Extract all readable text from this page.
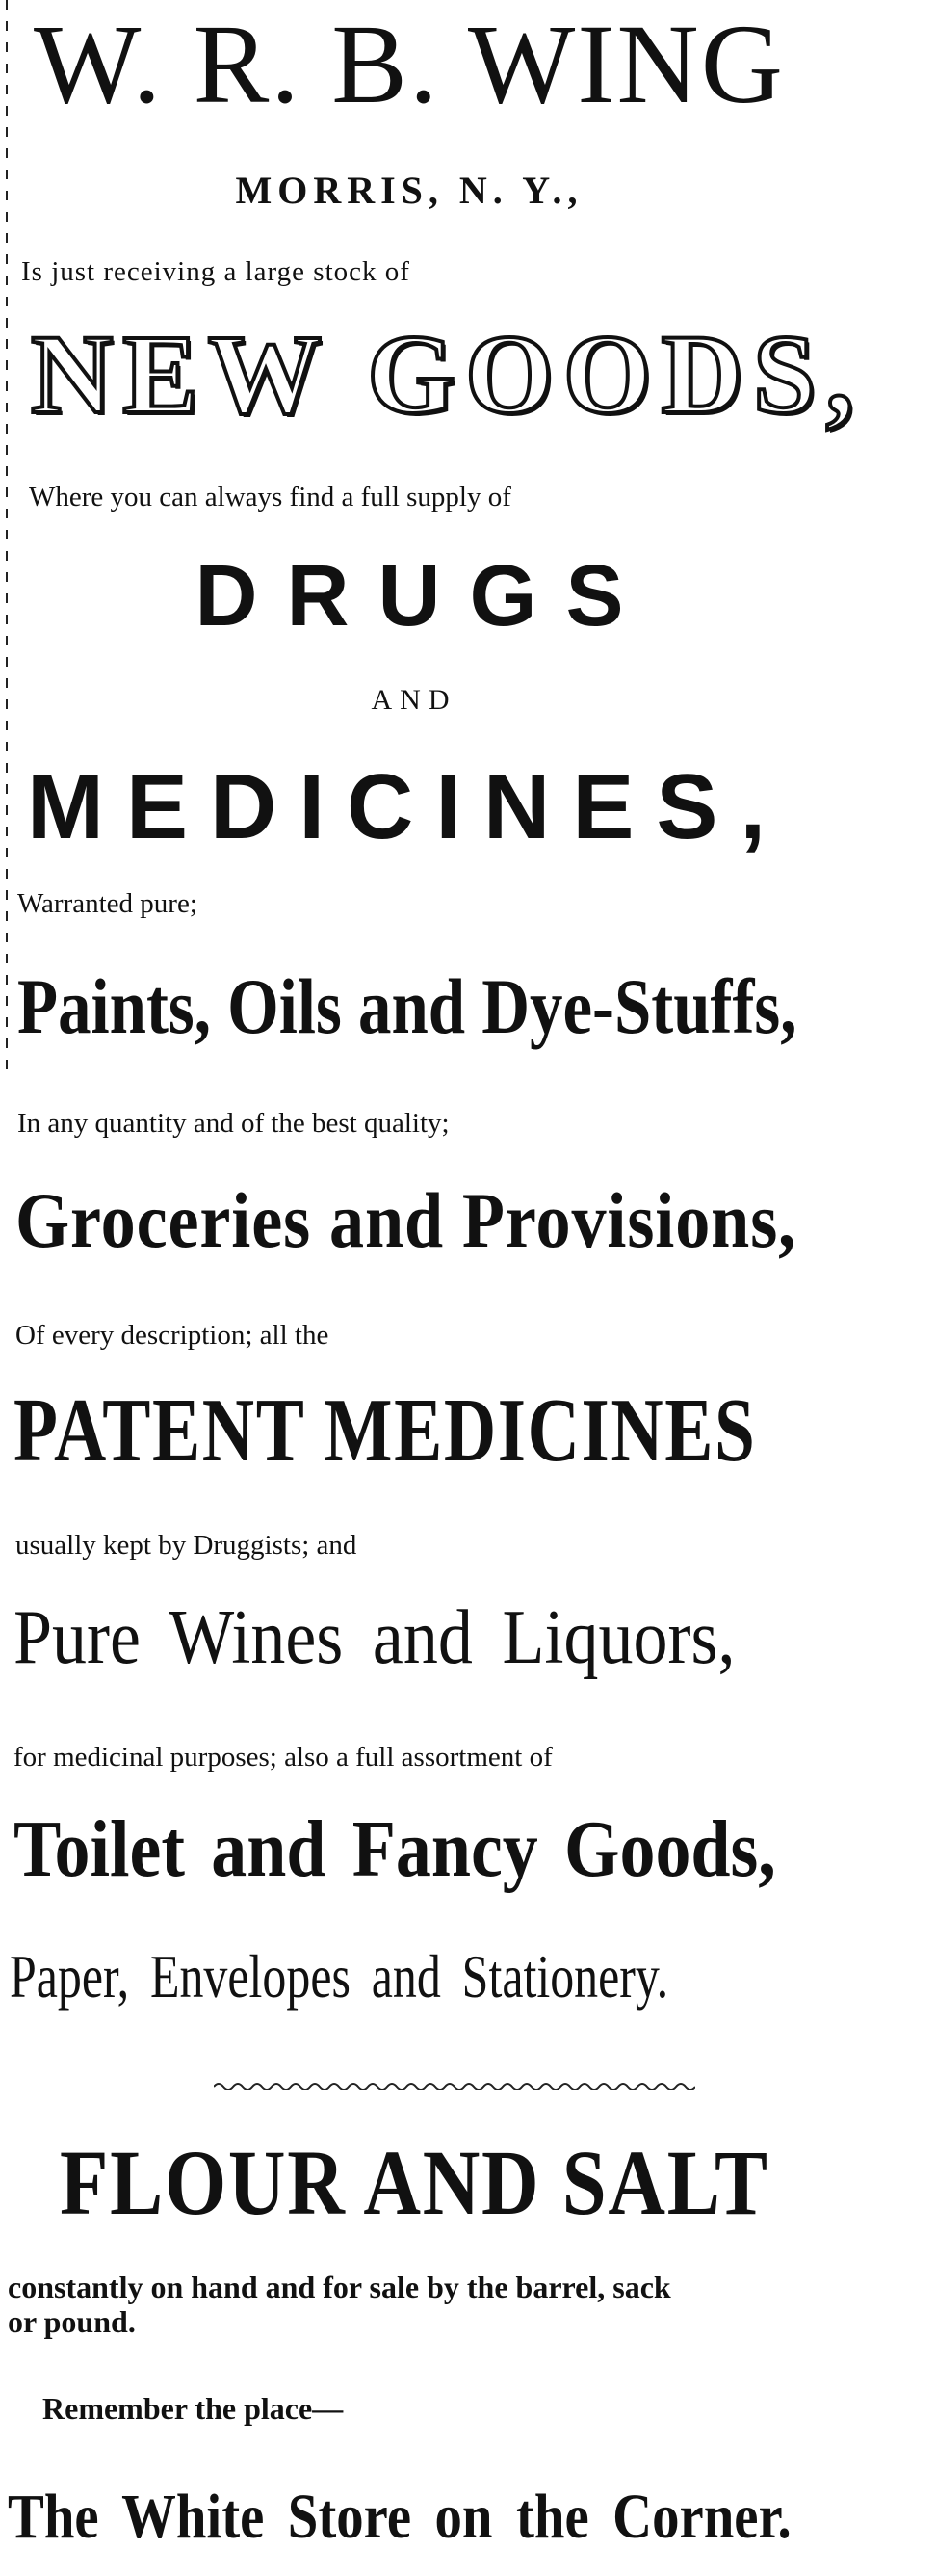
W. R. B. WING
MORRIS, N. Y.,
Is just receiving a large stock of
NEW GOODS,
Where you can always find a full supply of
DRUGS
AND
MEDICINES,
Warranted pure;
Paints, Oils and Dye-Stuffs,
In any quantity and of the best quality;
Groceries and Provisions,
Of every description; all the
PATENT MEDICINES
usually kept by Druggists; and
Pure Wines and Liquors,
for medicinal purposes; also a full assortment of
Toilet and Fancy Goods,
Paper, Envelopes and Stationery.
FLOUR AND SALT
constantly on hand and for sale by the barrel, sack
or pound.
Remember the place—
The White Store on the Corner.
